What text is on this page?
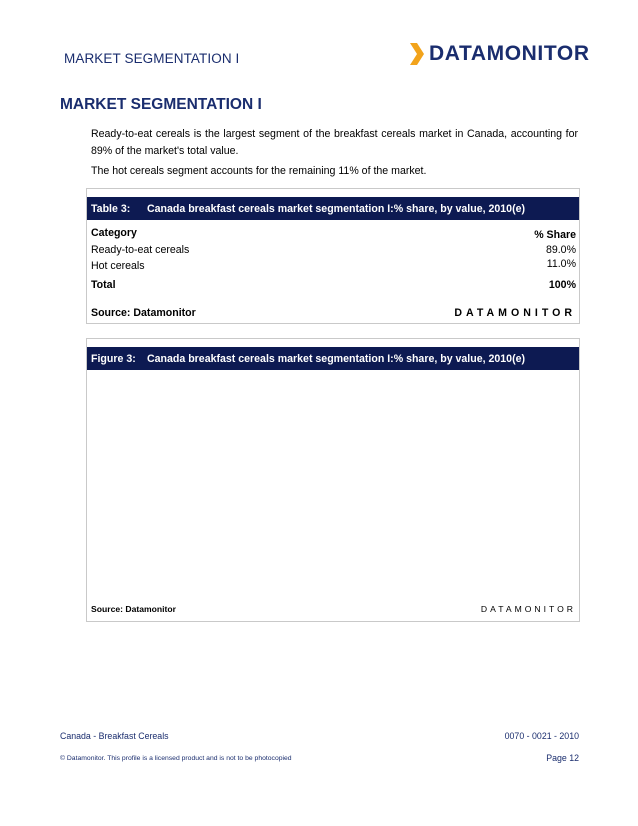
MARKET SEGMENTATION I	DATAMONITOR
MARKET SEGMENTATION I
Ready-to-eat cereals is the largest segment of the breakfast cereals market in Canada, accounting for 89% of the market's total value.
The hot cereals segment accounts for the remaining 11% of the market.
Table 3: Canada breakfast cereals market segmentation I:% share, by value, 2010(e)
Category	% Share
Ready-to-eat cereals	89.0%
Hot cereals	11.0%
Total	100%
Source: Datamonitor	DATAMONITOR
Figure 3: Canada breakfast cereals market segmentation I:% share, by value, 2010(e)
Source: Datamonitor	DATAMONITOR
Canada - Breakfast Cereals	0070 - 0021 - 2010
© Datamonitor. This profile is a licensed product and is not to be photocopied	Page 12
